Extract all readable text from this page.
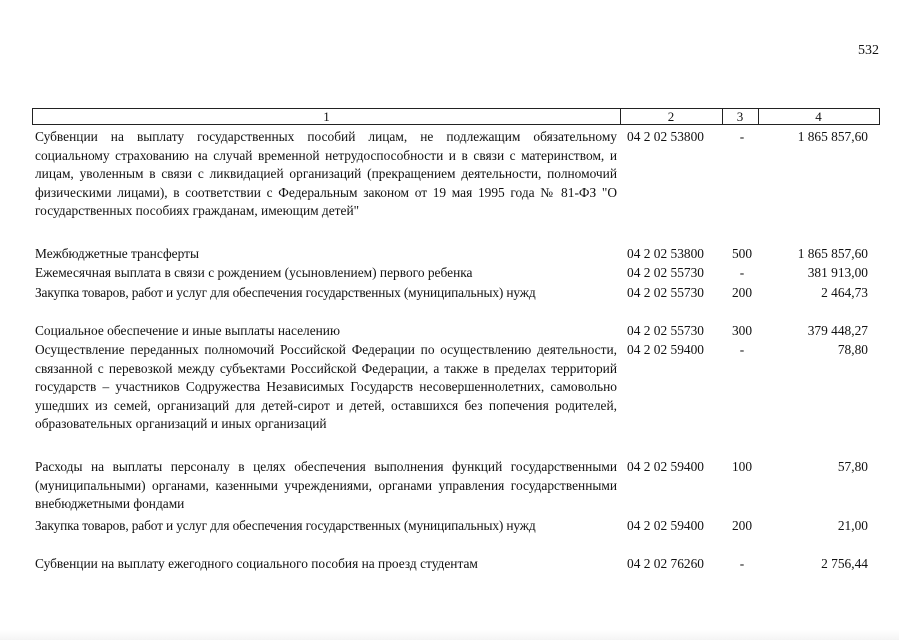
532
1	2	3	4
Субвенции на выплату государственных пособий лицам, не подлежащим обязательному социальному страхованию на случай временной нетрудоспособности и в связи с материнством, и лицам, уволенным в связи с ликвидацией организаций (прекращением деятельности, полномочий физическими лицами), в соответствии с Федеральным законом от 19 мая 1995 года № 81-ФЗ "О государственных пособиях гражданам, имеющим детей"
04 2 02 53800	-	1 865 857,60
Межбюджетные трансферты	04 2 02 53800	500	1 865 857,60
Ежемесячная выплата в связи с рождением (усыновлением) первого ребенка	04 2 02 55730	-	381 913,00
Закупка товаров, работ и услуг для обеспечения государственных (муниципальных) нужд	04 2 02 55730	200	2 464,73
Социальное обеспечение и иные выплаты населению	04 2 02 55730	300	379 448,27
Осуществление переданных полномочий Российской Федерации по осуществлению деятельности, связанной с перевозкой между субъектами Российской Федерации, а также в пределах территорий государств – участников Содружества Независимых Государств несовершеннолетних, самовольно ушедших из семей, организаций для детей-сирот и детей, оставшихся без попечения родителей, образовательных организаций и иных организаций
04 2 02 59400	-	78,80
Расходы на выплаты персоналу в целях обеспечения выполнения функций государственными (муниципальными) органами, казенными учреждениями, органами управления государственными внебюджетными фондами
04 2 02 59400	100	57,80
Закупка товаров, работ и услуг для обеспечения государственных (муниципальных) нужд	04 2 02 59400	200	21,00
Субвенции на выплату ежегодного социального пособия на проезд студентам	04 2 02 76260	-	2 756,44
